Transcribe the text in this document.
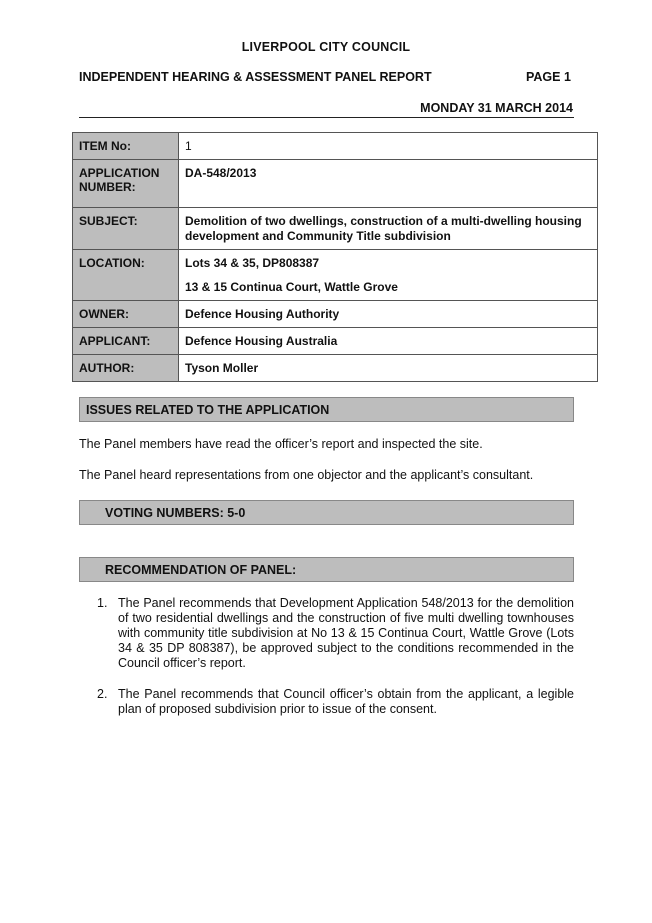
LIVERPOOL CITY COUNCIL
INDEPENDENT HEARING & ASSESSMENT PANEL REPORT	PAGE 1
MONDAY 31 MARCH 2014
ITEM No:	1
APPLICATION NUMBER:	DA-548/2013
SUBJECT:	Demolition of two dwellings, construction of a multi-dwelling housing development and Community Title subdivision
LOCATION:	Lots 34 & 35, DP808387
13 & 15 Continua Court, Wattle Grove

OWNER:	Defence Housing Authority
APPLICANT:	Defence Housing Australia
AUTHOR:	Tyson Moller
ISSUES RELATED TO THE APPLICATION
The Panel members have read the officer’s report and inspected the site.
The Panel heard representations from one objector and the applicant’s consultant.
VOTING NUMBERS: 5-0
RECOMMENDATION OF PANEL:
1. The Panel recommends that Development Application 548/2013 for the demolition of two residential dwellings and the construction of five multi dwelling townhouses with community title subdivision at No 13 & 15 Continua Court, Wattle Grove (Lots 34 & 35 DP 808387), be approved subject to the conditions recommended in the Council officer’s report.
2. The Panel recommends that Council officer’s obtain from the applicant, a legible plan of proposed subdivision prior to issue of the consent.
